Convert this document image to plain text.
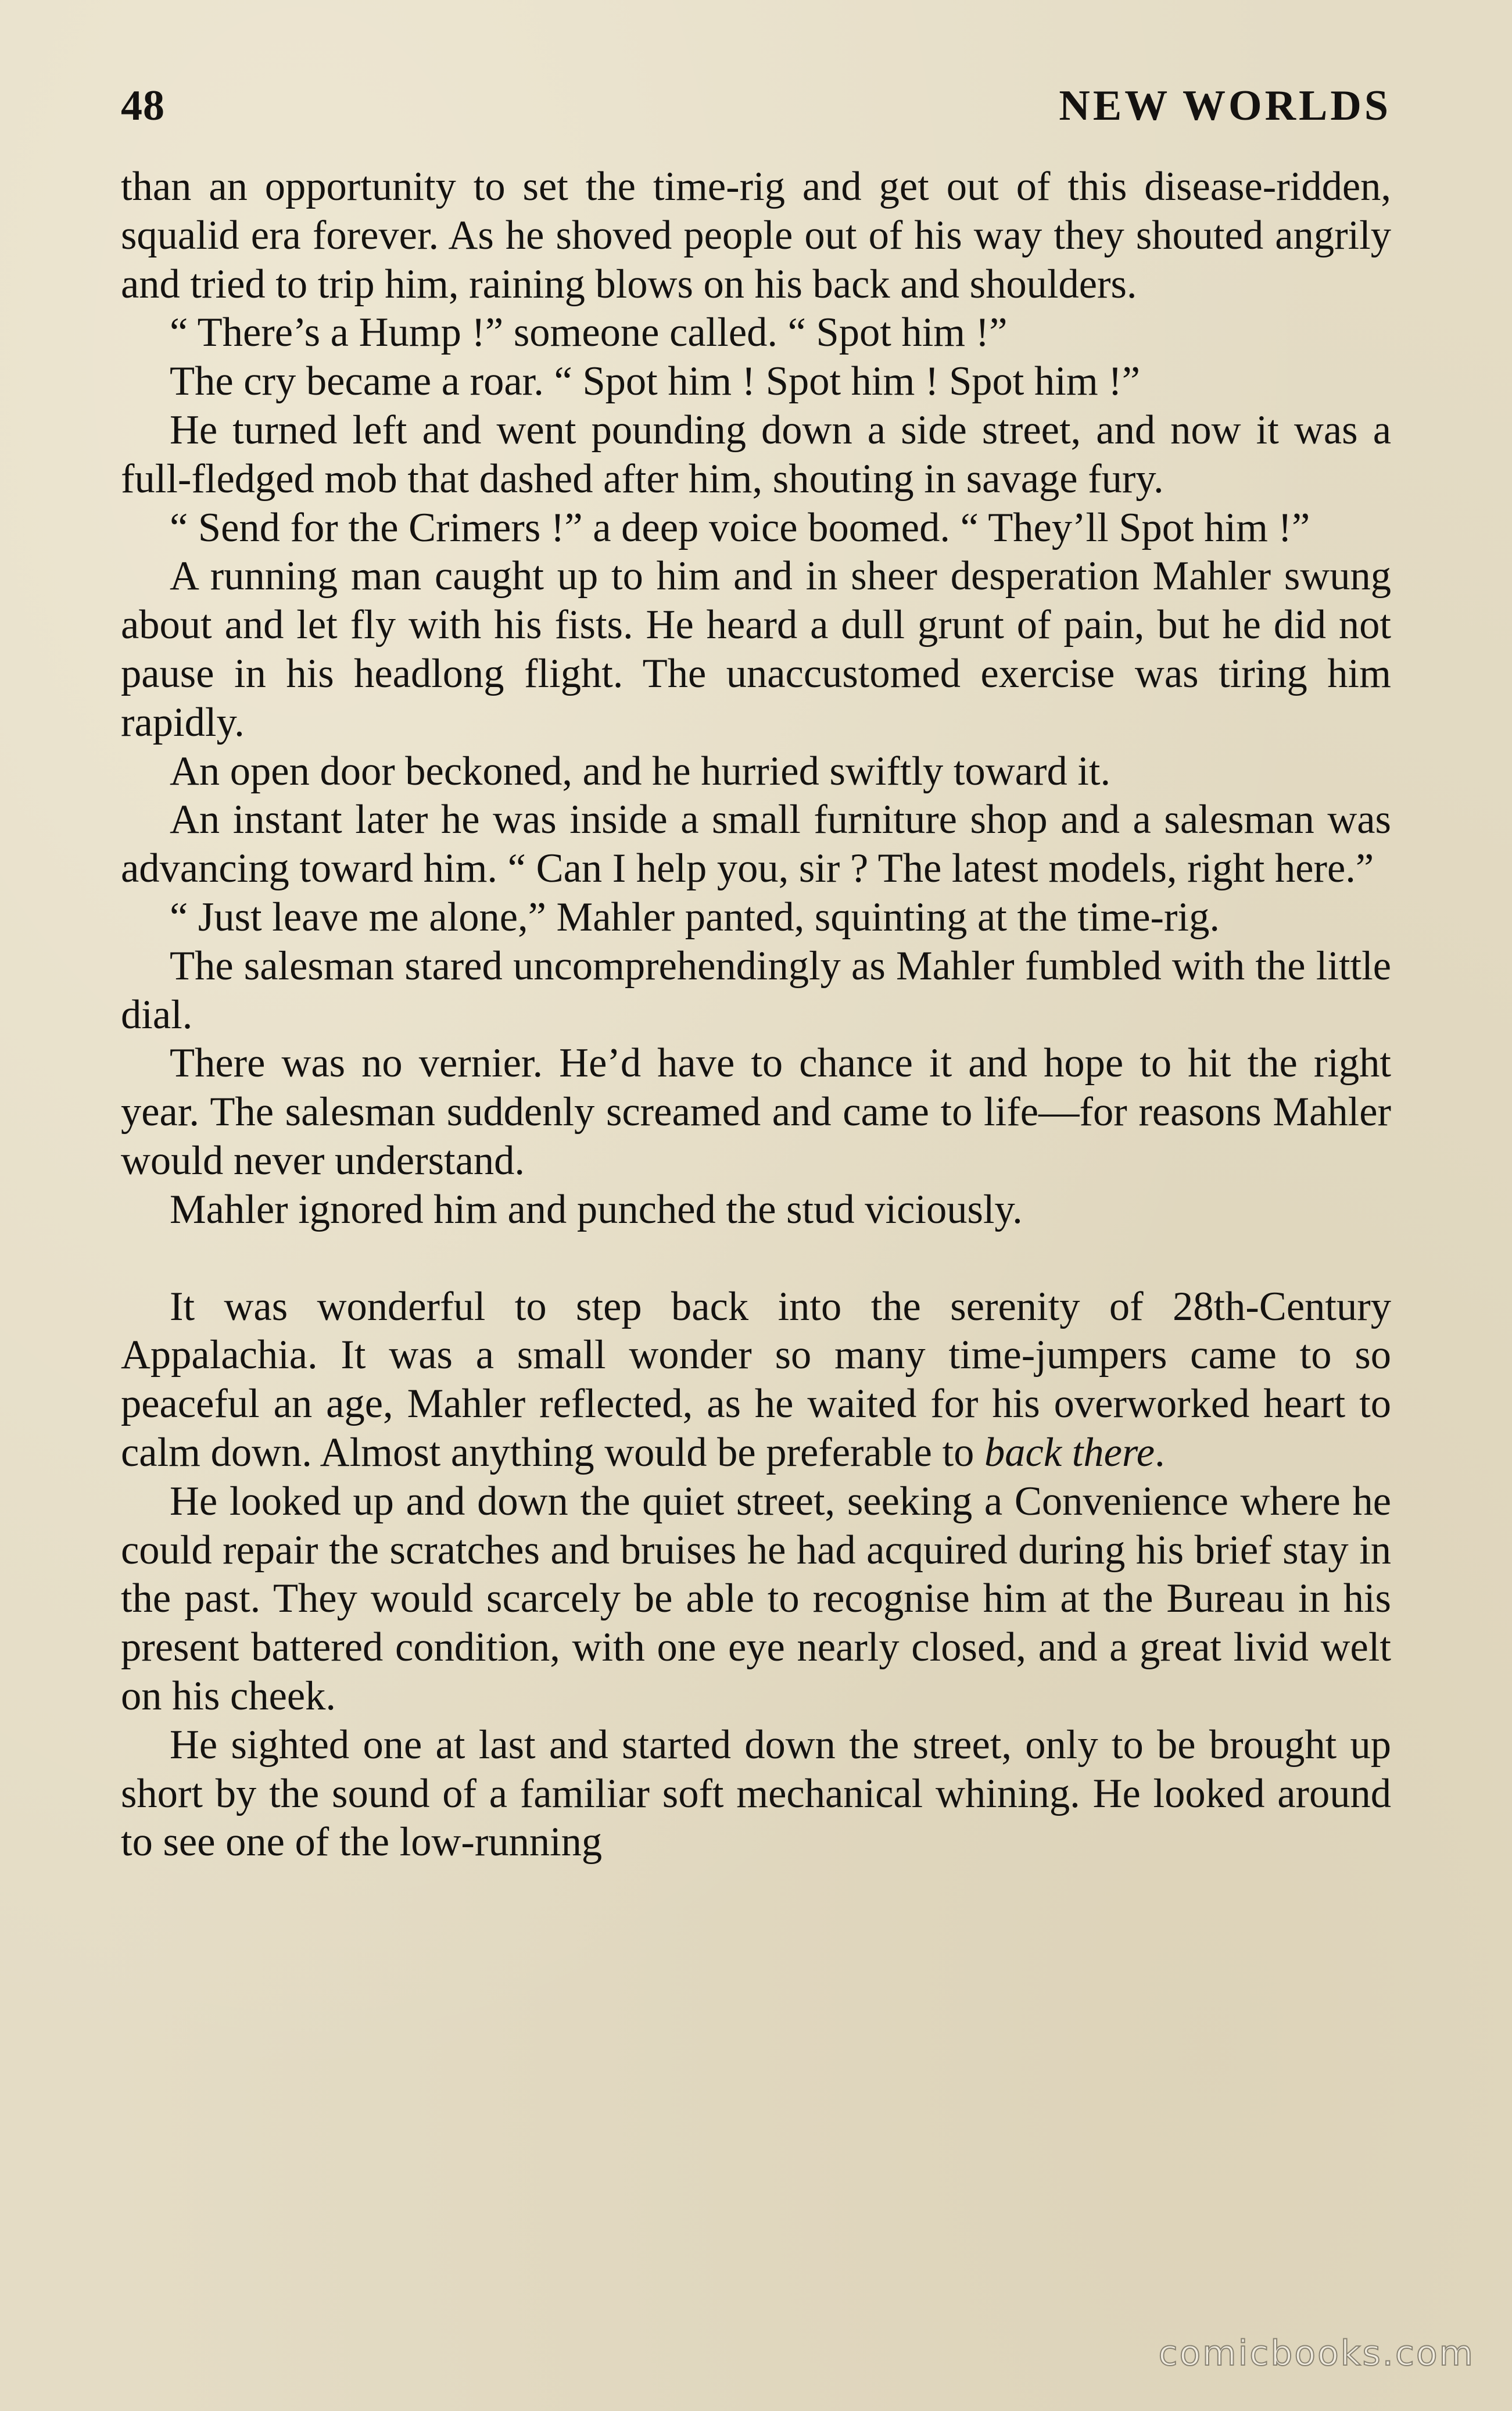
48	NEW WORLDS

than an opportunity to set the time-rig and get out of this disease-ridden, squalid era forever. As he shoved people out of his way they shouted angrily and tried to trip him, raining blows on his back and shoulders.

“ There’s a Hump !” someone called. “ Spot him !”

The cry became a roar. “ Spot him ! Spot him ! Spot him !”

He turned left and went pounding down a side street, and now it was a full-fledged mob that dashed after him, shouting in savage fury.

“ Send for the Crimers !” a deep voice boomed. “ They’ll Spot him !”

A running man caught up to him and in sheer desperation Mahler swung about and let fly with his fists. He heard a dull grunt of pain, but he did not pause in his headlong flight. The unaccustomed exercise was tiring him rapidly.

An open door beckoned, and he hurried swiftly toward it.

An instant later he was inside a small furniture shop and a salesman was advancing toward him. “ Can I help you, sir ? The latest models, right here.”

“ Just leave me alone,” Mahler panted, squinting at the time-rig.

The salesman stared uncomprehendingly as Mahler fumbled with the little dial.

There was no vernier. He’d have to chance it and hope to hit the right year. The salesman suddenly screamed and came to life—for reasons Mahler would never understand.

Mahler ignored him and punched the stud viciously.

It was wonderful to step back into the serenity of 28th-Century Appalachia. It was a small wonder so many time-jumpers came to so peaceful an age, Mahler reflected, as he waited for his overworked heart to calm down. Almost anything would be preferable to back there.

He looked up and down the quiet street, seeking a Convenience where he could repair the scratches and bruises he had acquired during his brief stay in the past. They would scarcely be able to recognise him at the Bureau in his present battered condition, with one eye nearly closed, and a great livid welt on his cheek.

He sighted one at last and started down the street, only to be brought up short by the sound of a familiar soft mechanical whining. He looked around to see one of the low-running

comicbooks.com
